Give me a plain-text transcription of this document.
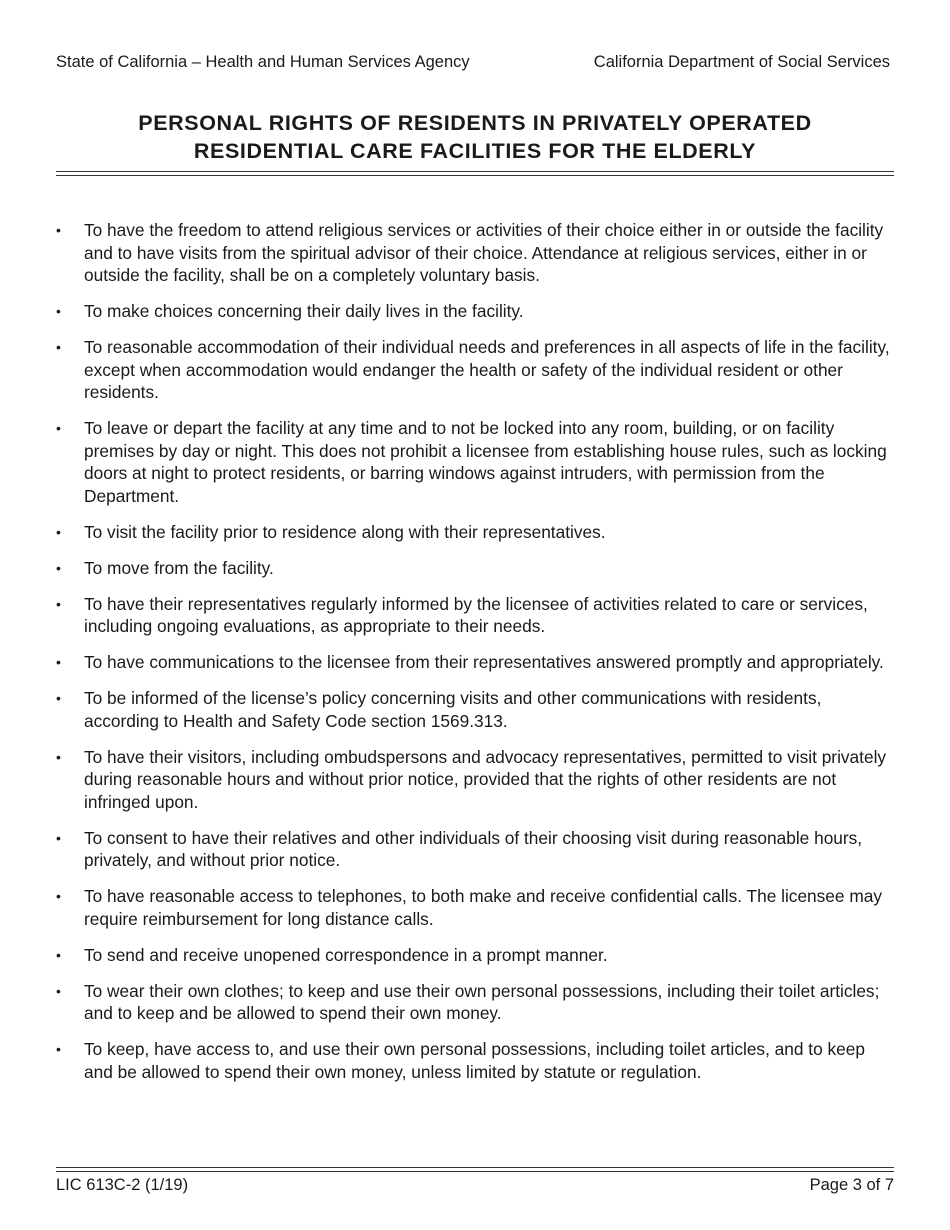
State of California – Health and Human Services Agency	California Department of Social Services
PERSONAL RIGHTS OF RESIDENTS IN PRIVATELY OPERATED
RESIDENTIAL CARE FACILITIES FOR THE ELDERLY
• To have the freedom to attend religious services or activities of their choice either in or outside the facility and to have visits from the spiritual advisor of their choice. Attendance at religious services, either in or outside the facility, shall be on a completely voluntary basis.
• To make choices concerning their daily lives in the facility.
• To reasonable accommodation of their individual needs and preferences in all aspects of life in the facility, except when accommodation would endanger the health or safety of the individual resident or other residents.
• To leave or depart the facility at any time and to not be locked into any room, building, or on facility premises by day or night. This does not prohibit a licensee from establishing house rules, such as locking doors at night to protect residents, or barring windows against intruders, with permission from the Department.
• To visit the facility prior to residence along with their representatives.
• To move from the facility.
• To have their representatives regularly informed by the licensee of activities related to care or services, including ongoing evaluations, as appropriate to their needs.
• To have communications to the licensee from their representatives answered promptly and appropriately.
• To be informed of the license’s policy concerning visits and other communications with residents, according to Health and Safety Code section 1569.313.
• To have their visitors, including ombudspersons and advocacy representatives, permitted to visit privately during reasonable hours and without prior notice, provided that the rights of other residents are not infringed upon.
• To consent to have their relatives and other individuals of their choosing visit during reasonable hours, privately, and without prior notice.
• To have reasonable access to telephones, to both make and receive confidential calls. The licensee may require reimbursement for long distance calls.
• To send and receive unopened correspondence in a prompt manner.
• To wear their own clothes; to keep and use their own personal possessions, including their toilet articles; and to keep and be allowed to spend their own money.
• To keep, have access to, and use their own personal possessions, including toilet articles, and to keep and be allowed to spend their own money, unless limited by statute or regulation.
LIC 613C-2 (1/19)	Page 3 of 7
